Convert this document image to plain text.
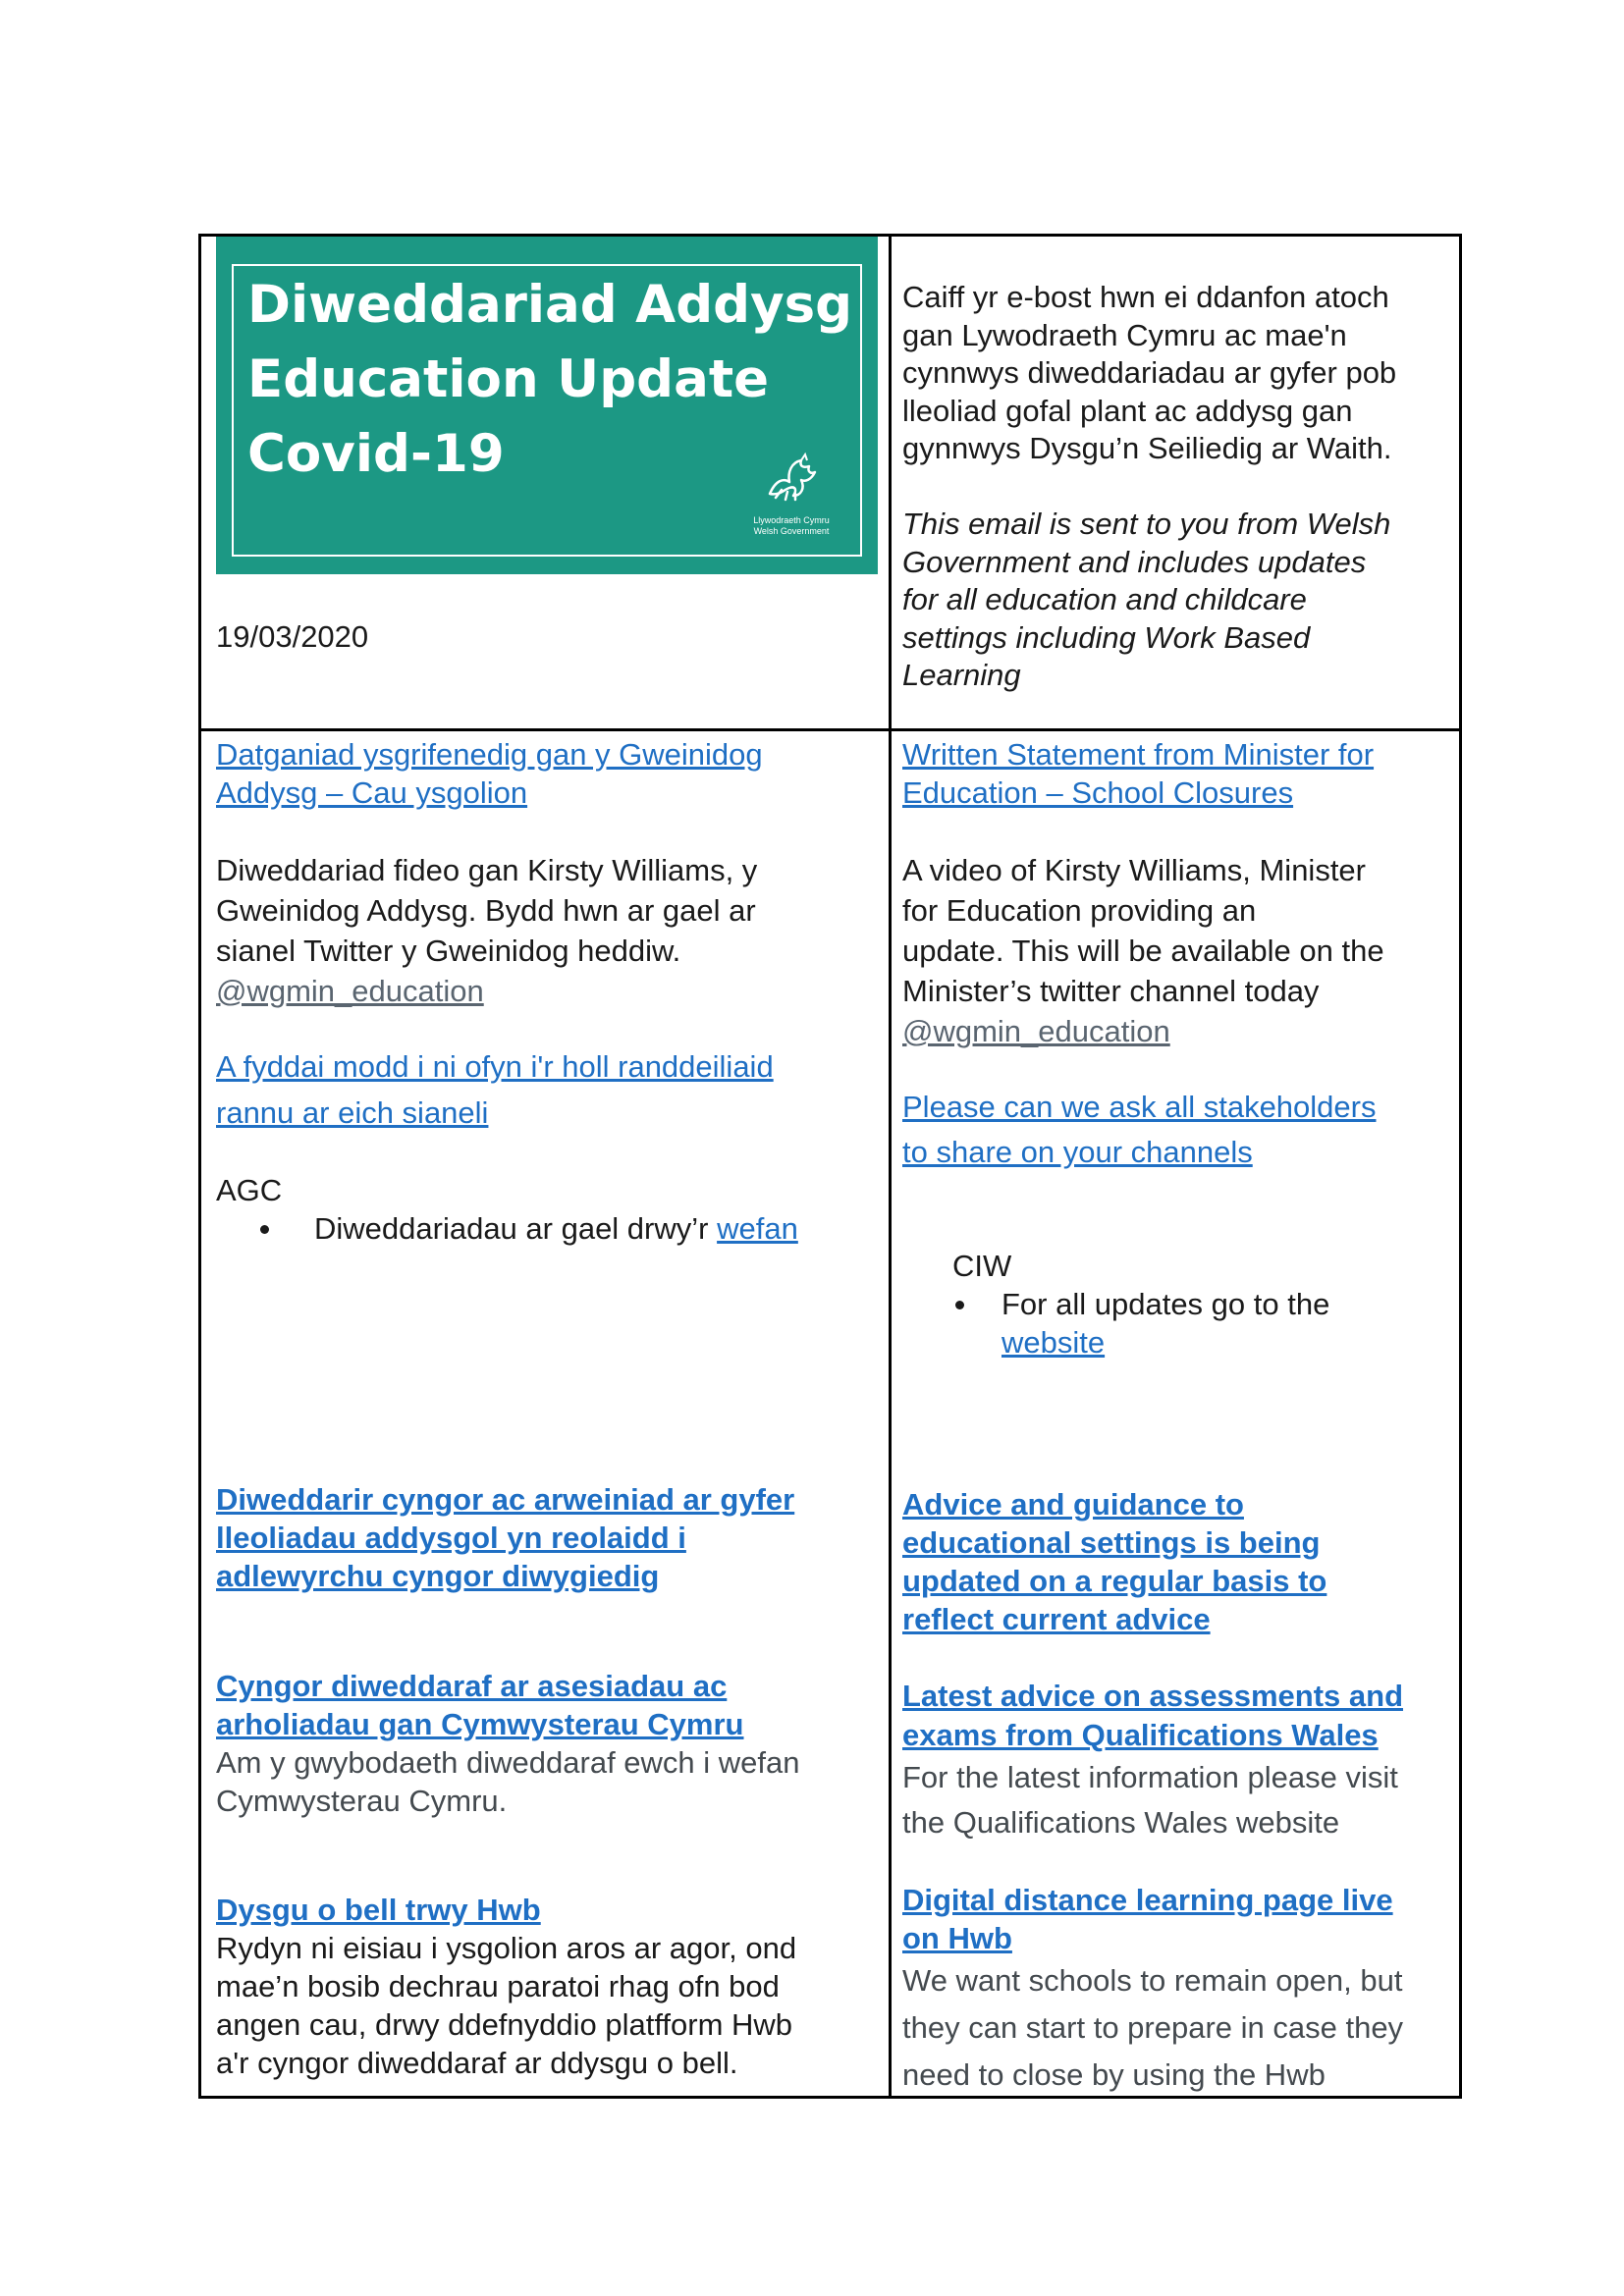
Diweddariad Addysg
Education Update
Covid-19
Llywodraeth Cymru
Welsh Government
19/03/2020
Caiff yr e-bost hwn ei ddanfon atoch
gan Lywodraeth Cymru ac mae'n
cynnwys diweddariadau ar gyfer pob
lleoliad gofal plant ac addysg gan
gynnwys Dysgu’n Seiliedig ar Waith.
This email is sent to you from Welsh
Government and includes updates
for all education and childcare
settings including Work Based
Learning
Datganiad ysgrifenedig gan y Gweinidog
Addysg – Cau ysgolion
Diweddariad fideo gan Kirsty Williams, y
Gweinidog Addysg. Bydd hwn ar gael ar
sianel Twitter y Gweinidog heddiw.
@wgmin_education
A fyddai modd i ni ofyn i'r holl randdeiliaid
rannu ar eich sianeli
AGC
Diweddariadau ar gael drwy’r wefan
Diweddarir cyngor ac arweiniad ar gyfer
lleoliadau addysgol yn reolaidd i
adlewyrchu cyngor diwygiedig
Cyngor diweddaraf ar asesiadau ac
arholiadau gan Cymwysterau Cymru
Am y gwybodaeth diweddaraf ewch i wefan
Cymwysterau Cymru.
Dysgu o bell trwy Hwb
Rydyn ni eisiau i ysgolion aros ar agor, ond
mae’n bosib dechrau paratoi rhag ofn bod
angen cau, drwy ddefnyddio platfform Hwb
a'r cyngor diweddaraf ar ddysgu o bell.
Written Statement from Minister for
Education – School Closures
A video of Kirsty Williams, Minister
for Education providing an
update. This will be available on the
Minister’s twitter channel today
@wgmin_education
Please can we ask all stakeholders
to share on your channels
CIW
For all updates go to the
website
Advice and guidance to
educational settings is being
updated on a regular basis to
reflect current advice
Latest advice on assessments and
exams from Qualifications Wales
For the latest information please visit
the Qualifications Wales website
Digital distance learning page live
on Hwb
We want schools to remain open, but
they can start to prepare in case they
need to close by using the Hwb
